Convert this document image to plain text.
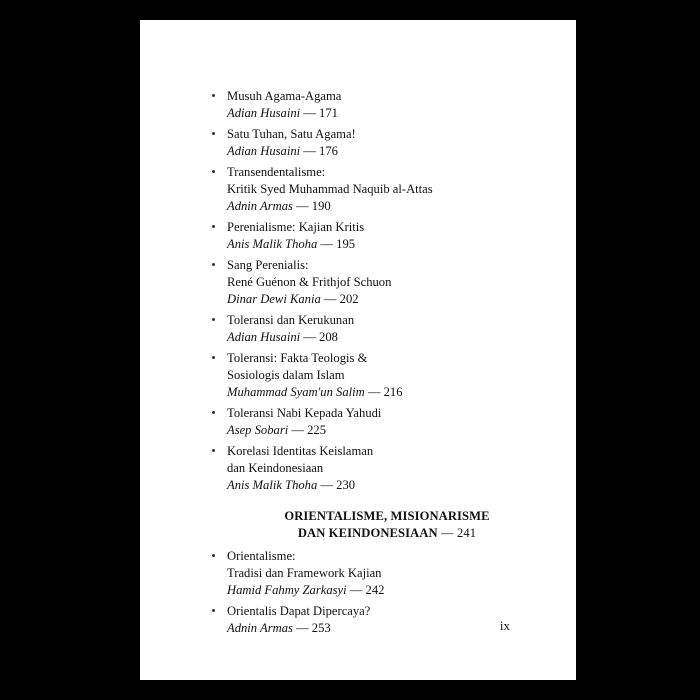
Musuh Agama-Agama
Adian Husaini — 171
Satu Tuhan, Satu Agama!
Adian Husaini — 176
Transendentalisme:
Kritik Syed Muhammad Naquib al-Attas
Adnin Armas — 190
Perenialisme: Kajian Kritis
Anis Malik Thoha — 195
Sang Perenialis:
René Guénon & Frithjof Schuon
Dinar Dewi Kania — 202
Toleransi dan Kerukunan
Adian Husaini — 208
Toleransi: Fakta Teologis &
Sosiologis dalam Islam
Muhammad Syam'un Salim — 216
Toleransi Nabi Kepada Yahudi
Asep Sobari — 225
Korelasi Identitas Keislaman
dan Keindonesiaan
Anis Malik Thoha — 230
ORIENTALISME, MISIONARISME
DAN KEINDONESIAAN — 241
Orientalisme:
Tradisi dan Framework Kajian
Hamid Fahmy Zarkasyi — 242
Orientalis Dapat Dipercaya?
Adnin Armas — 253	ix
